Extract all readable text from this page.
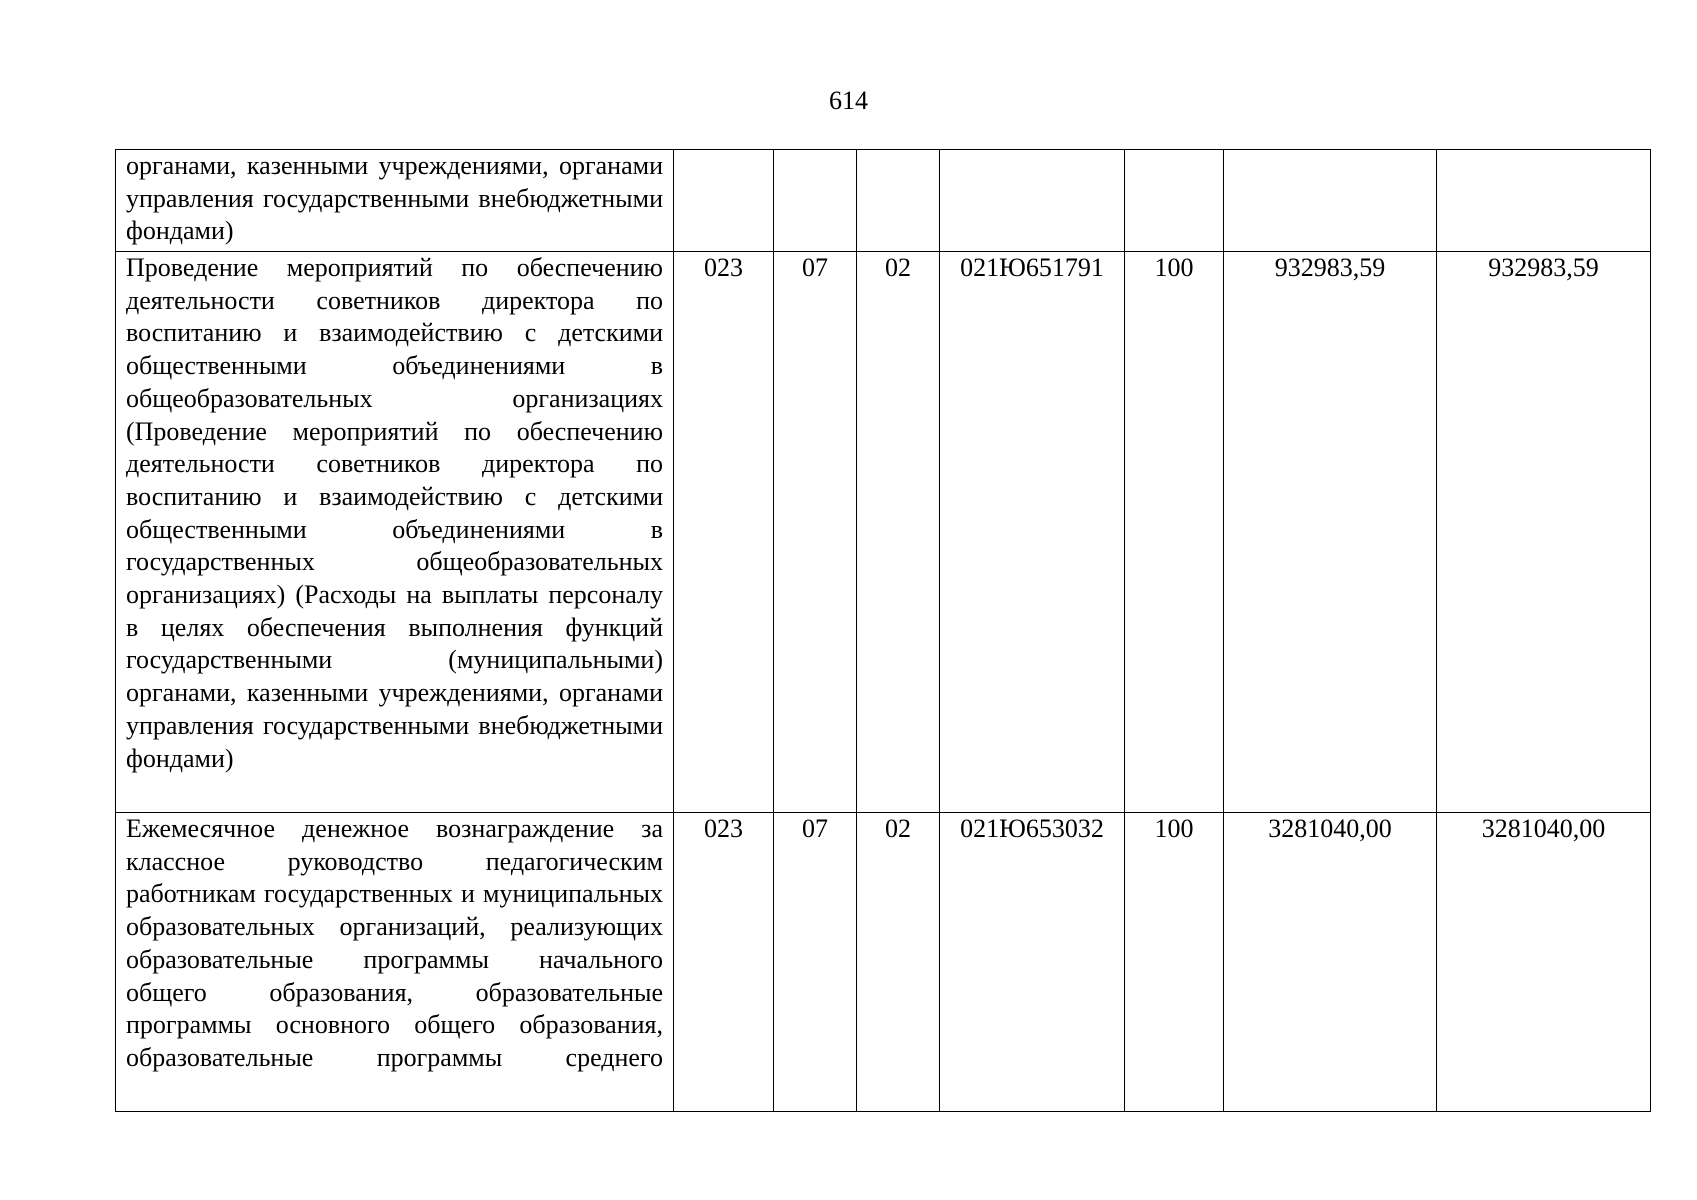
614
органами, казенными учреждениями, органами управления государственными внебюджетными фондами)							
Проведение мероприятий по обеспечению деятельности советников директора по воспитанию и взаимодействию с детскими общественными объединениями в общеобразовательных организациях (Проведение мероприятий по обеспечению деятельности советников директора по воспитанию и взаимодействию с детскими общественными объединениями в государственных общеобразовательных организациях) (Расходы на выплаты персоналу в целях обеспечения выполнения функций государственными (муниципальными) органами, казенными учреждениями, органами управления государственными внебюджетными фондами)	023	07	02	021Ю651791	100	932983,59	932983,59
Ежемесячное денежное вознаграждение за классное руководство педагогическим работникам государственных и муниципальных образовательных организаций, реализующих образовательные программы начального общего образования, образовательные программы основного общего образования, образовательные программы среднего	023	07	02	021Ю653032	100	3281040,00	3281040,00
